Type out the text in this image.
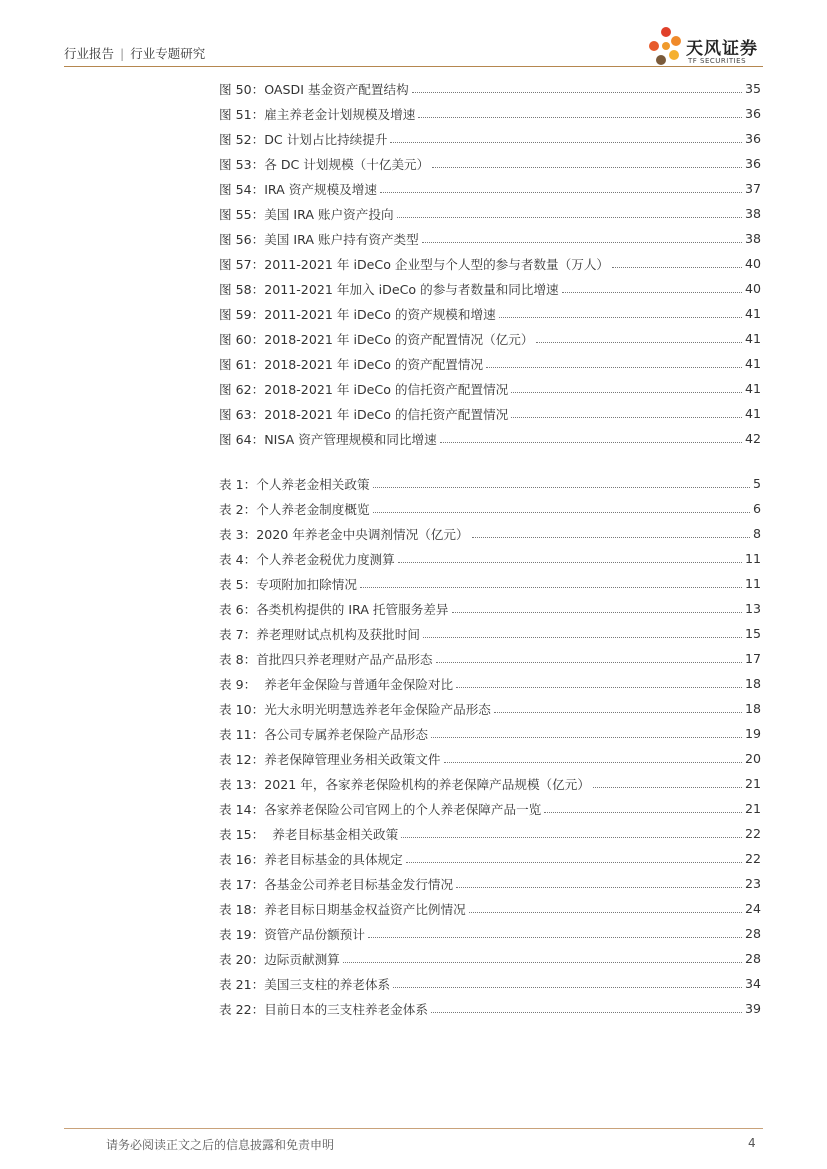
行业报告 | 行业专题研究	天风证券
TF SECURITIES
图 50：OASDI 基金资产配置结构	35
图 51：雇主养老金计划规模及增速	36
图 52：DC 计划占比持续提升	36
图 53：各 DC 计划规模（十亿美元）	36
图 54：IRA 资产规模及增速	37
图 55：美国 IRA 账户资产投向	38
图 56：美国 IRA 账户持有资产类型	38
图 57：2011-2021 年 iDeCo 企业型与个人型的参与者数量（万人）	40
图 58：2011-2021 年加入 iDeCo 的参与者数量和同比增速	40
图 59：2011-2021 年 iDeCo 的资产规模和增速	41
图 60：2018-2021 年 iDeCo 的资产配置情况（亿元）	41
图 61：2018-2021 年 iDeCo 的资产配置情况	41
图 62：2018-2021 年 iDeCo 的信托资产配置情况	41
图 63：2018-2021 年 iDeCo 的信托资产配置情况	41
图 64：NISA 资产管理规模和同比增速	42
表 1：个人养老金相关政策	5
表 2：个人养老金制度概览	6
表 3：2020 年养老金中央调剂情况（亿元）	8
表 4：个人养老金税优力度测算	11
表 5：专项附加扣除情况	11
表 6：各类机构提供的 IRA 托管服务差异	13
表 7：养老理财试点机构及获批时间	15
表 8：首批四只养老理财产品产品形态	17
表 9：  养老年金保险与普通年金保险对比	18
表 10：光大永明光明慧选养老年金保险产品形态	18
表 11：各公司专属养老保险产品形态	19
表 12：养老保障管理业务相关政策文件	20
表 13：2021 年，各家养老保险机构的养老保障产品规模（亿元）	21
表 14：各家养老保险公司官网上的个人养老保障产品一览	21
表 15：  养老目标基金相关政策	22
表 16：养老目标基金的具体规定	22
表 17：各基金公司养老目标基金发行情况	23
表 18：养老目标日期基金权益资产比例情况	24
表 19：资管产品份额预计	28
表 20：边际贡献测算	28
表 21：美国三支柱的养老体系	34
表 22：目前日本的三支柱养老金体系	39
请务必阅读正文之后的信息披露和免责申明	4
